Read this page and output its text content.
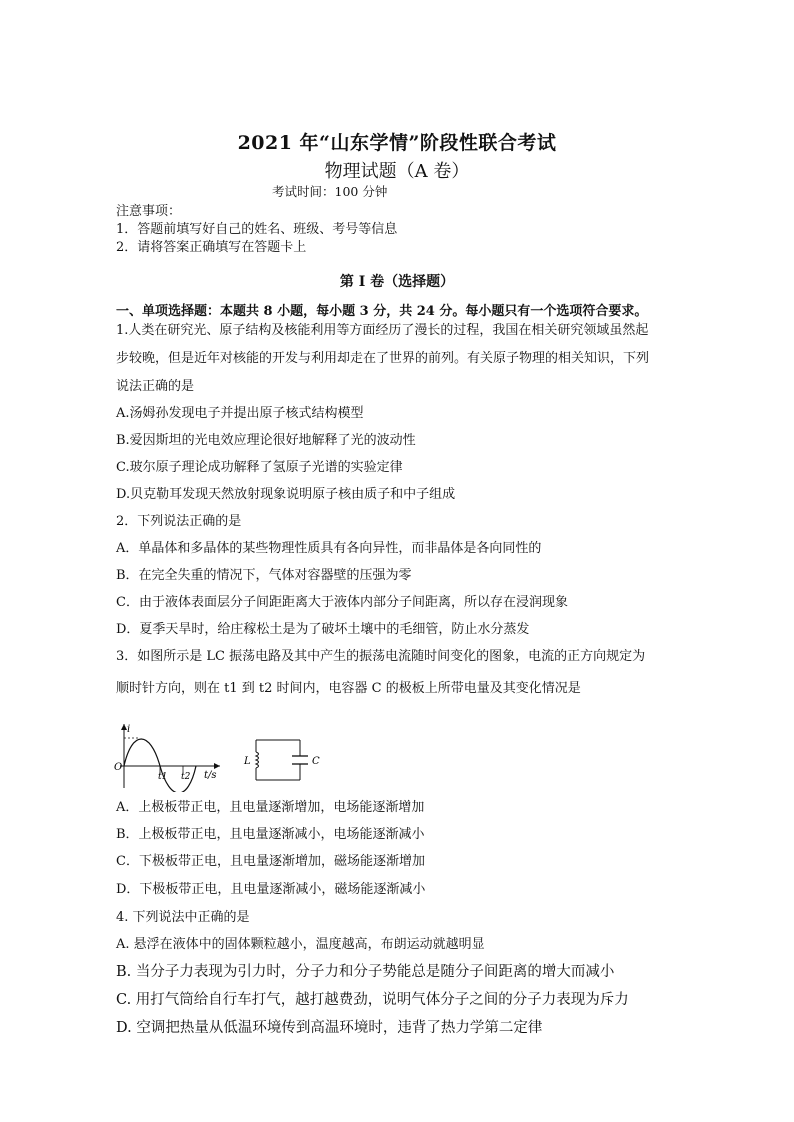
2021 年“山东学情”阶段性联合考试
物理试题（A 卷）
考试时间：100 分钟
注意事项：
1．答题前填写好自己的姓名、班级、考号等信息
2．请将答案正确填写在答题卡上
第 I 卷（选择题）
一、单项选择题：本题共 8 小题，每小题 3 分，共 24 分。每小题只有一个选项符合要求。
1.人类在研究光、原子结构及核能利用等方面经历了漫长的过程，我国在相关研究领域虽然起
步较晚，但是近年对核能的开发与利用却走在了世界的前列。有关原子物理的相关知识，下列
说法正确的是
A.汤姆孙发现电子并提出原子核式结构模型
B.爱因斯坦的光电效应理论很好地解释了光的波动性
C.玻尔原子理论成功解释了氢原子光谱的实验定律
D.贝克勒耳发现天然放射现象说明原子核由质子和中子组成
2．下列说法正确的是
A．单晶体和多晶体的某些物理性质具有各向异性，而非晶体是各向同性的
B．在完全失重的情况下，气体对容器壁的压强为零
C．由于液体表面层分子间距距离大于液体内部分子间距离，所以存在浸润现象
D．夏季天旱时，给庄稼松土是为了破坏土壤中的毛细管，防止水分蒸发
3．如图所示是 LC 振荡电路及其中产生的振荡电流随时间变化的图象，电流的正方向规定为
顺时针方向，则在 t1 到 t2 时间内，电容器 C 的极板上所带电量及其变化情况是
i
O
t1 t2 t/s
L	C
A．上极板带正电，且电量逐渐增加，电场能逐渐增加
B．上极板带正电，且电量逐渐减小，电场能逐渐减小
C．下极板带正电，且电量逐渐增加，磁场能逐渐增加
D．下极板带正电，且电量逐渐减小，磁场能逐渐减小
4. 下列说法中正确的是
A. 悬浮在液体中的固体颗粒越小，温度越高，布朗运动就越明显
B. 当分子力表现为引力时，分子力和分子势能总是随分子间距离的增大而减小
C. 用打气筒给自行车打气，越打越费劲，说明气体分子之间的分子力表现为斥力
D. 空调把热量从低温环境传到高温环境时，违背了热力学第二定律
